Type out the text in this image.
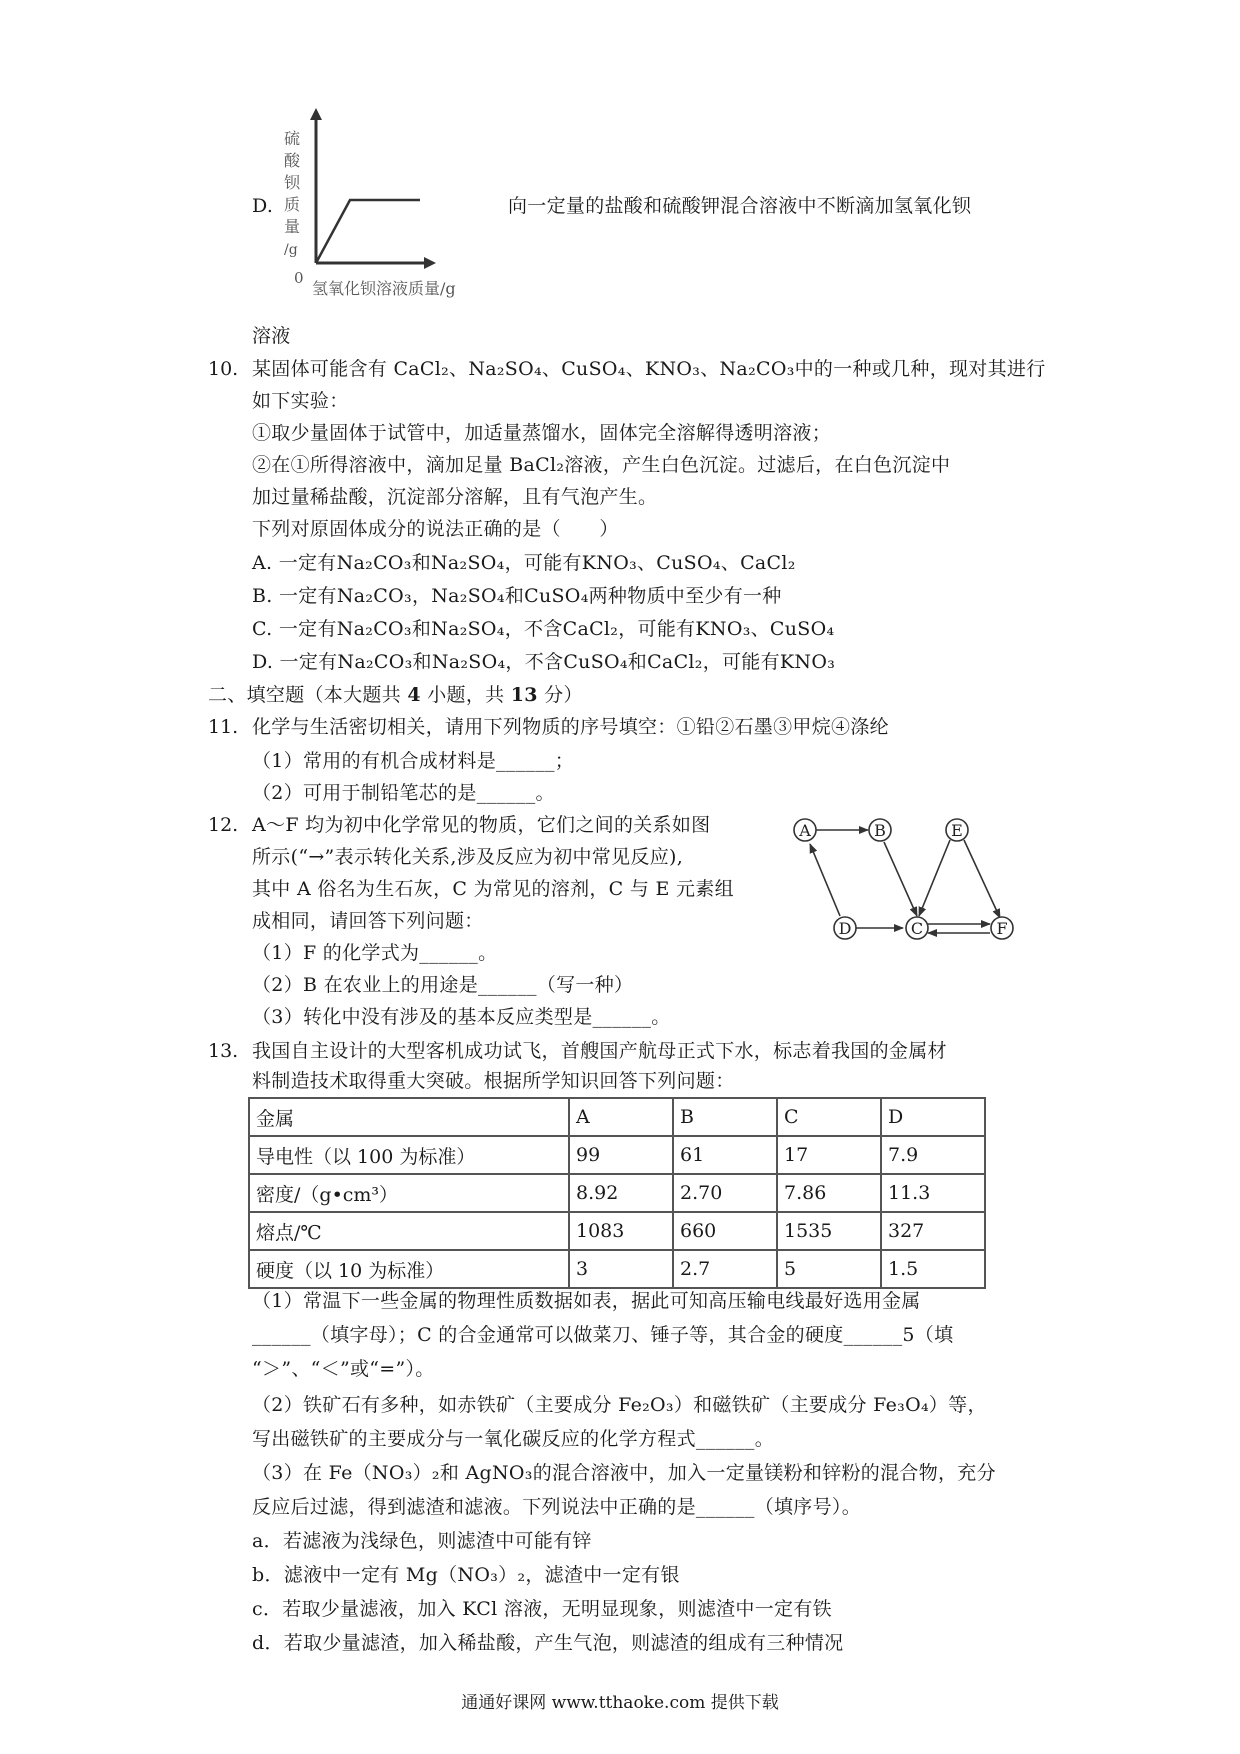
硫
酸
钡
质
量
/g
0
氢氧化钡溶液质量/g
D.	向一定量的盐酸和硫酸钾混合溶液中不断滴加氢氧化钡
溶液
10. 某固体可能含有 CaCl₂、Na₂SO₄、CuSO₄、KNO₃、Na₂CO₃中的一种或几种，现对其进行
如下实验：
①取少量固体于试管中，加适量蒸馏水，固体完全溶解得透明溶液；
②在①所得溶液中，滴加足量 BaCl₂溶液，产生白色沉淀。过滤后，在白色沉淀中
加过量稀盐酸，沉淀部分溶解，且有气泡产生。
下列对原固体成分的说法正确的是（　　）
A. 一定有Na₂CO₃和Na₂SO₄，可能有KNO₃、CuSO₄、CaCl₂
B. 一定有Na₂CO₃，Na₂SO₄和CuSO₄两种物质中至少有一种
C. 一定有Na₂CO₃和Na₂SO₄，不含CaCl₂，可能有KNO₃、CuSO₄
D. 一定有Na₂CO₃和Na₂SO₄，不含CuSO₄和CaCl₂，可能有KNO₃
二、填空题（本大题共 4 小题，共 13 分）
11. 化学与生活密切相关，请用下列物质的序号填空：①铅②石墨③甲烷④涤纶
（1）常用的有机合成材料是______；
（2）可用于制铅笔芯的是______。
12. A～F 均为初中化学常见的物质，它们之间的关系如图
所示(“→”表示转化关系,涉及反应为初中常见反应),
其中 A 俗名为生石灰，C 为常见的溶剂，C 与 E 元素组
成相同，请回答下列问题：
（1）F 的化学式为______。
（2）B 在农业上的用途是______（写一种）
（3）转化中没有涉及的基本反应类型是______。
A	B	E
D	C	F
13. 我国自主设计的大型客机成功试飞，首艘国产航母正式下水，标志着我国的金属材
料制造技术取得重大突破。根据所学知识回答下列问题：
金属	A	B	C	D
导电性（以 100 为标准）	99	61	17	7.9
密度/（g•cm³）	8.92	2.70	7.86	11.3
熔点/℃	1083	660	1535	327
硬度（以 10 为标准）	3	2.7	5	1.5
（1）常温下一些金属的物理性质数据如表，据此可知高压输电线最好选用金属
______（填字母）；C 的合金通常可以做菜刀、锤子等，其合金的硬度______5（填
“＞”、“＜”或“=”）。
（2）铁矿石有多种，如赤铁矿（主要成分 Fe₂O₃）和磁铁矿（主要成分 Fe₃O₄）等，
写出磁铁矿的主要成分与一氧化碳反应的化学方程式______。
（3）在 Fe（NO₃）₂和 AgNO₃的混合溶液中，加入一定量镁粉和锌粉的混合物，充分
反应后过滤，得到滤渣和滤液。下列说法中正确的是______（填序号）。
a．若滤液为浅绿色，则滤渣中可能有锌
b．滤液中一定有 Mg（NO₃）₂，滤渣中一定有银
c．若取少量滤液，加入 KCl 溶液，无明显现象，则滤渣中一定有铁
d．若取少量滤渣，加入稀盐酸，产生气泡，则滤渣的组成有三种情况
通通好课网 www.tthaoke.com 提供下载
